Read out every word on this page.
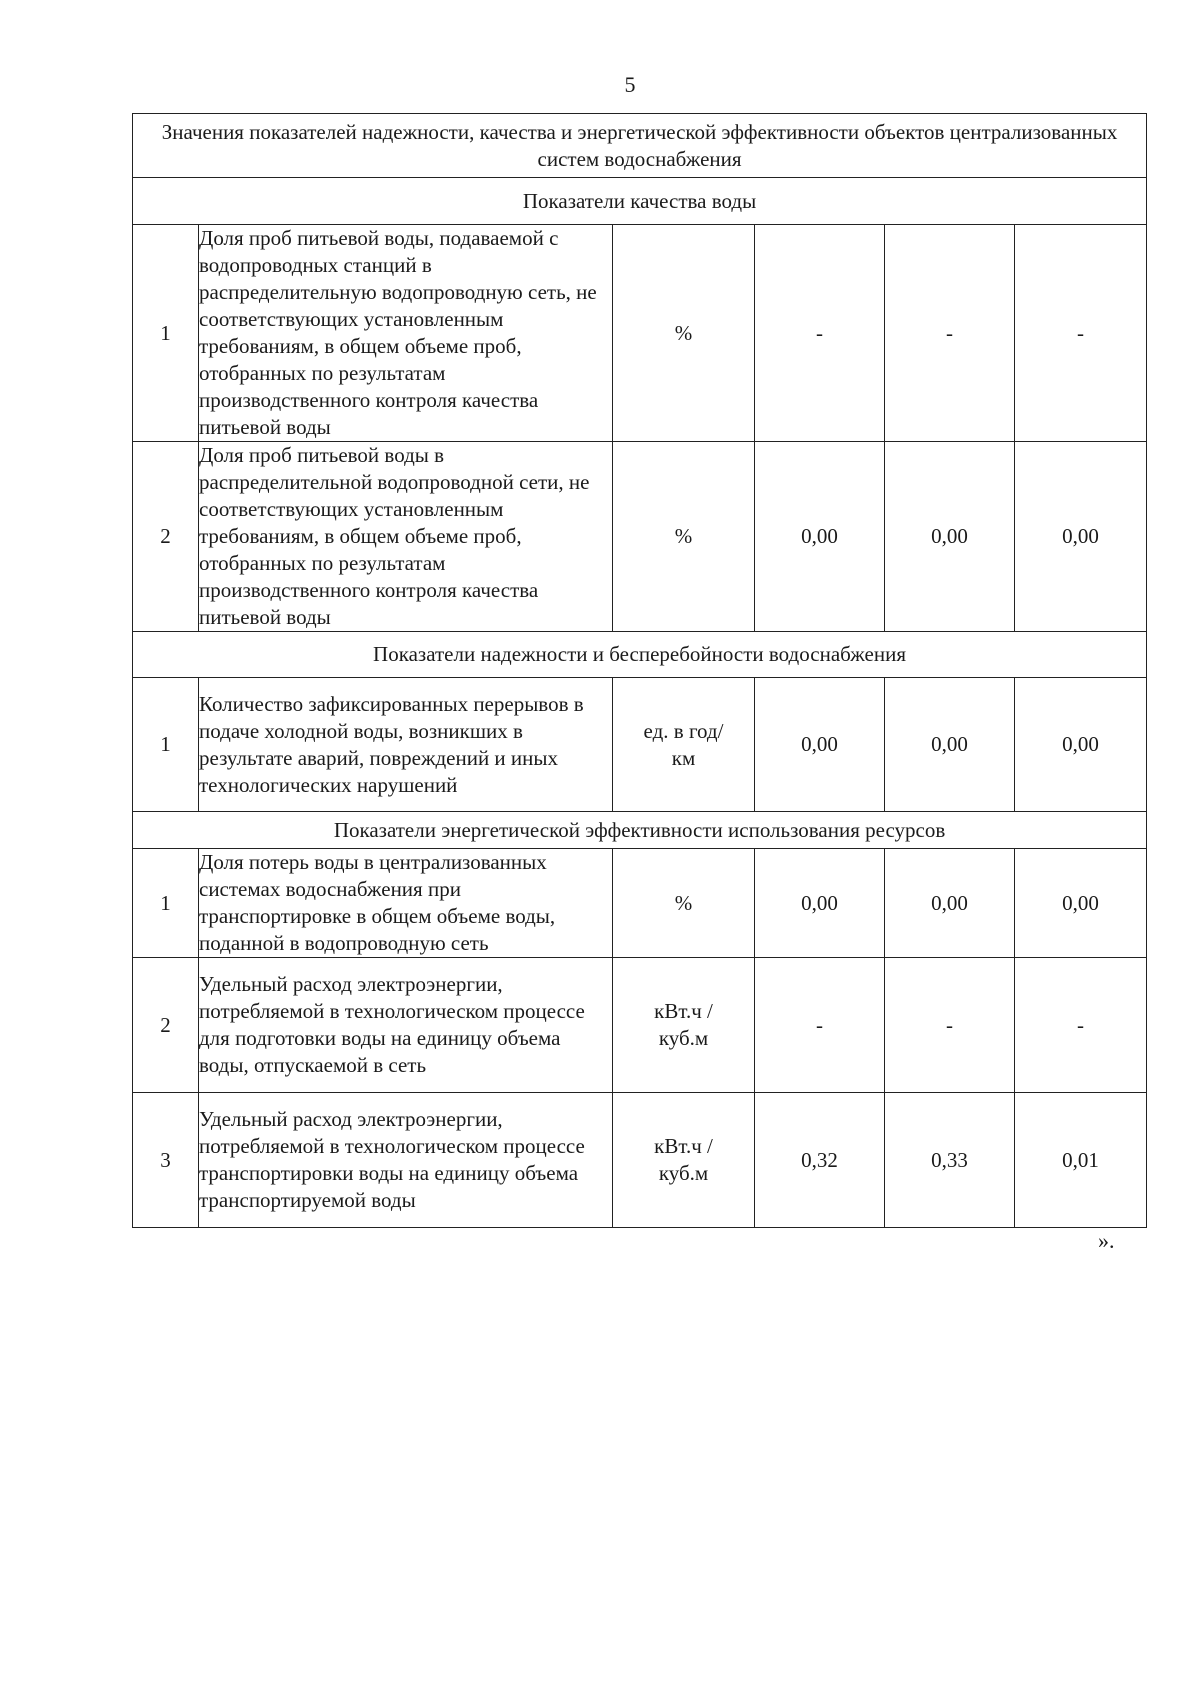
5
Значения показателей надежности, качества и энергетической эффективности объектов централизованных систем водоснабжения					
Показатели качества воды					
1	Доля проб питьевой воды, подаваемой с водопроводных станций в распределительную водопроводную сеть, не соответствующих установленным требованиям, в общем объеме проб, отобранных по результатам производственного контроля качества питьевой воды	%	-	-	-
2	Доля проб питьевой воды в распределительной водопроводной сети, не соответствующих установленным требованиям, в общем объеме проб, отобранных по результатам производственного контроля качества питьевой воды	%	0,00	0,00	0,00
Показатели надежности и бесперебойности водоснабжения					
1	Количество зафиксированных перерывов в подаче холодной воды, возникших в результате аварий, повреждений и иных технологических нарушений	ед. в год/ км	0,00	0,00	0,00
Показатели энергетической эффективности использования ресурсов					
1	Доля потерь воды в централизованных системах водоснабжения при транспортировке в общем объеме воды, поданной в водопроводную сеть	%	0,00	0,00	0,00
2	Удельный расход электроэнергии, потребляемой в технологическом процессе для подготовки воды на единицу объема воды, отпускаемой в сеть	кВт.ч / куб.м	-	-	-
3	Удельный расход электроэнергии, потребляемой в технологическом процессе транспортировки воды на единицу объема транспортируемой воды	кВт.ч / куб.м	0,32	0,33	0,01
».
